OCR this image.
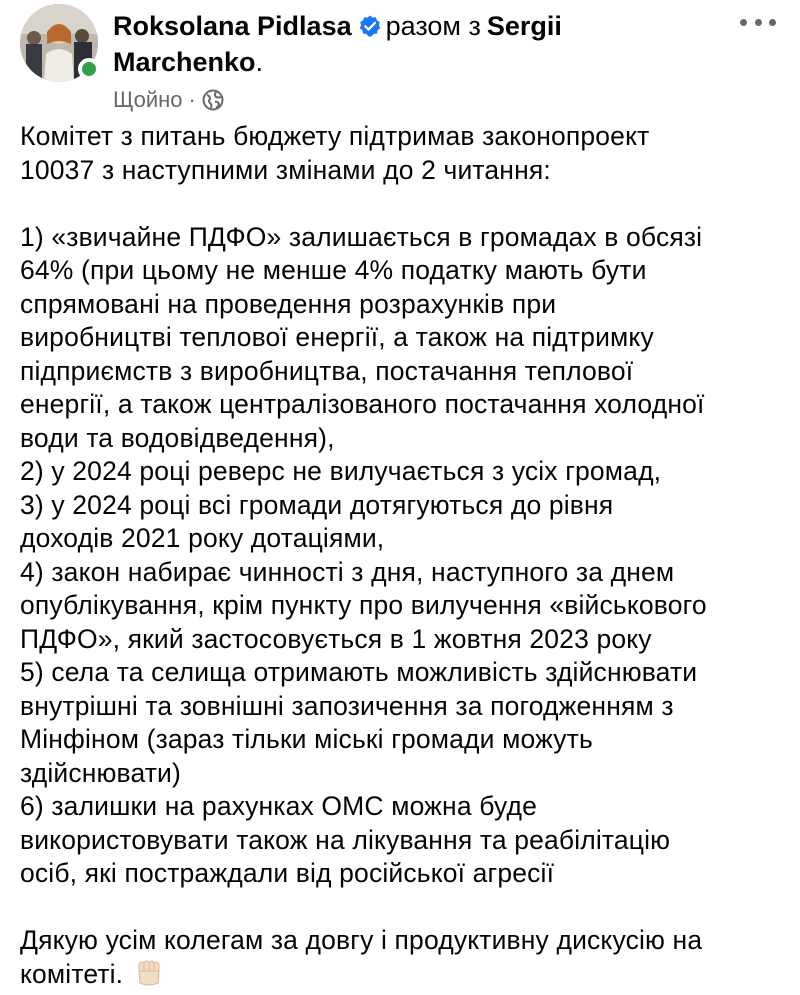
Roksolana Pidlasa разом з Sergii Marchenko.
Щойно ·

Комітет з питань бюджету підтримав законопроект

10037 з наступними змінами до 2 читання:

1) «звичайне ПДФО» залишається в громадах в обсязі

64% (при цьому не менше 4% податку мають бути

спрямовані на проведення розрахунків при

виробництві теплової енергії, а також на підтримку

підприємств з виробництва, постачання теплової

енергії, а також централізованого постачання холодної

води та водовідведення),

2) у 2024 році реверс не вилучається з усіх громад,

3) у 2024 році всі громади дотягуються до рівня

доходів 2021 року дотаціями,

4) закон набирає чинності з дня, наступного за днем

опублікування, крім пункту про вилучення «військового

ПДФО», який застосовується в 1 жовтня 2023 року

5) села та селища отримають можливість здійснювати

внутрішні та зовнішні запозичення за погодженням з

Мінфіном (зараз тільки міські громади можуть

здійснювати)

6) залишки на рахунках ОМС можна буде

використовувати також на лікування та реабілітацію

осіб, які постраждали від російської агресії

Дякую усім колегам за довгу і продуктивну дискусію на

комітеті.
